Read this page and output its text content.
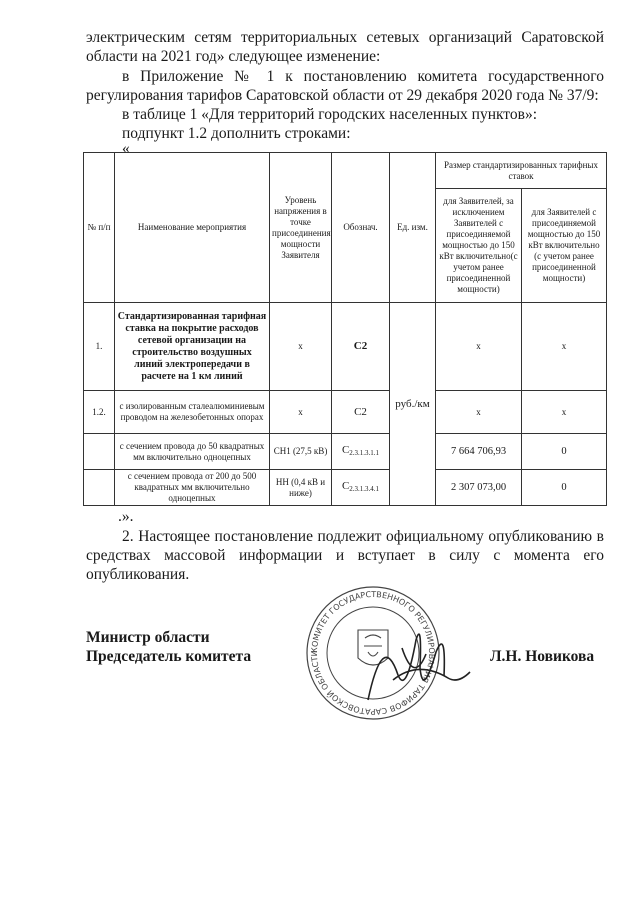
электрическим сетям территориальных сетевых организаций Саратовской
области на 2021 год» следующее изменение:
в Приложение № 1 к постановлению комитета государственного
регулирования тарифов Саратовской области от 29 декабря 2020 года № 37/9:
в таблице 1 «Для территорий городских населенных пунктов»:
подпункт 1.2 дополнить строками:
«
№ п/п	Наименование мероприятия	Уровень напряжения в точке присоединения мощности Заявителя	Обознач.	Ед. изм.	Размер стандартизированных тарифных ставок	
					для Заявителей, за исключением Заявителей с присоединяемой мощностью до 150 кВт включительно(с учетом ранее присоединенной мощности)	для Заявителей с присоединяемой мощностью до 150 кВт включительно (с учетом ранее присоединенной мощности)
1.	Стандартизированная тарифная ставка на покрытие расходов сетевой организации на строительство воздушных линий электропередачи в расчете на 1 км линий	x	C2	руб./км	x	x
1.2.	с изолированным сталеалюминиевым проводом на железобетонных опорах	x	C2		x	x
	с сечением провода до 50 квадратных мм включительно одноцепных	СН1 (27,5 кВ)	$C_{2.3.1.3.1.1}$		7 664 706,93	0
	с сечением провода от 200 до 500 квадратных мм включительно одноцепных	НН (0,4 кВ и ниже)	$C_{2.3.1.3.4.1}$		2 307 073,00	0
.».
2. Настоящее постановление подлежит официальному опубликованию в
средствах массовой информации и вступает в силу с момента его
опубликования.
Министр области
Председатель комитета	Л.Н. Новикова
КОМИТЕТ ГОСУДАРСТВЕННОГО РЕГУЛИРОВАНИЯ ТАРИФОВ САРАТОВСКОЙ ОБЛАСТИ
